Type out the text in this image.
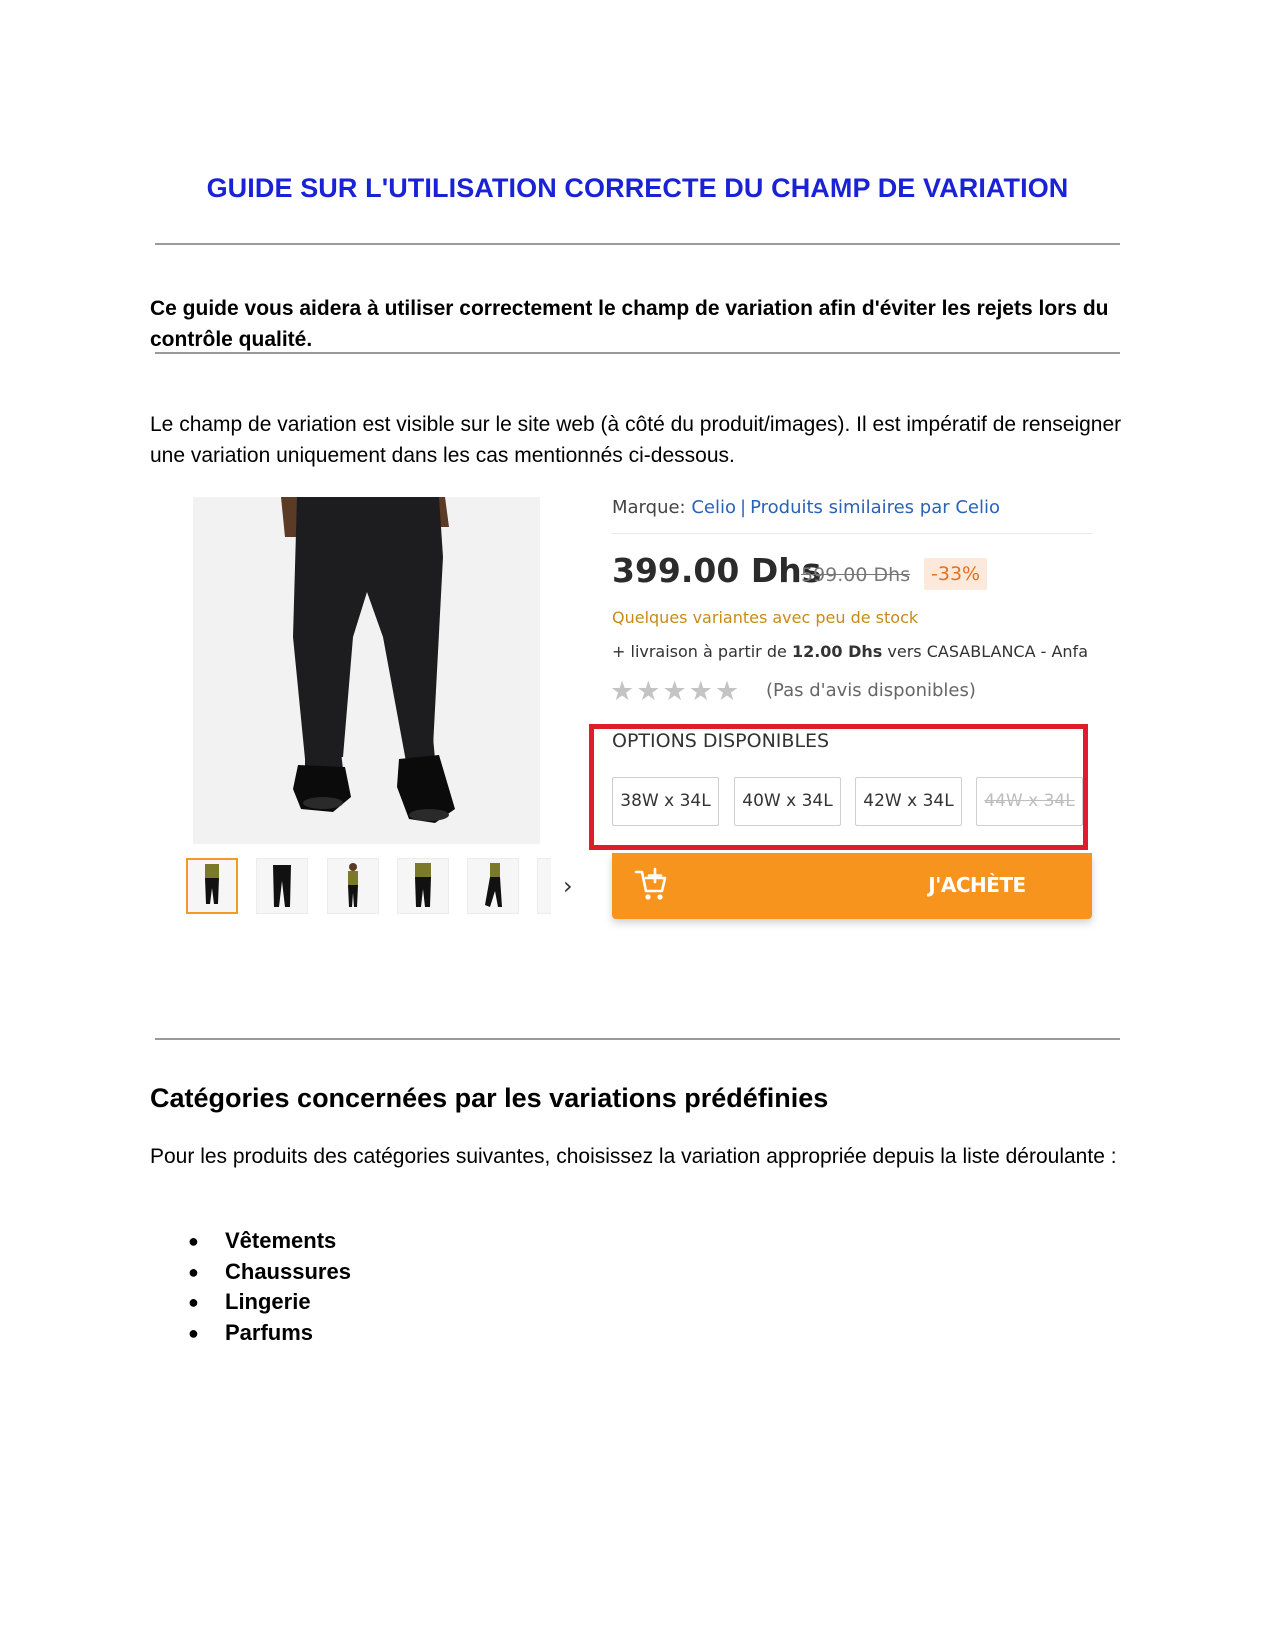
GUIDE SUR L'UTILISATION CORRECTE DU CHAMP DE VARIATION
Ce guide vous aidera à utiliser correctement le champ de variation afin d'éviter les rejets lors du contrôle qualité.
Le champ de variation est visible sur le site web (à côté du produit/images). Il est impératif de renseigner une variation uniquement dans les cas mentionnés ci-dessous.
›
Marque: Celio | Produits similaires par Celio
399.00 Dhs
599.00 Dhs	-33%
Quelques variantes avec peu de stock
+ livraison à partir de 12.00 Dhs vers CASABLANCA - Anfa
★★★★★ (Pas d'avis disponibles)
OPTIONS DISPONIBLES
38W x 34L	40W x 34L	42W x 34L	44W x 34L
J'ACHÈTE
Catégories concernées par les variations prédéfinies
Pour les produits des catégories suivantes, choisissez la variation appropriée depuis la liste déroulante :
● Vêtements
● Chaussures
● Lingerie
● Parfums
